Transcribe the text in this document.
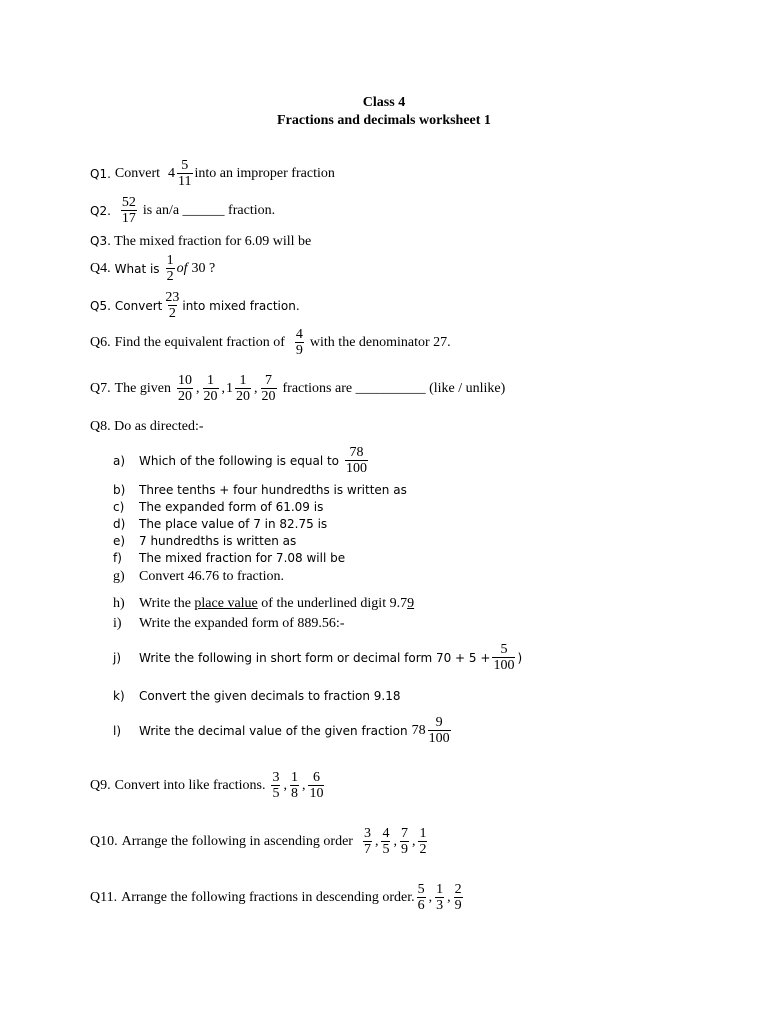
Class 4
Fractions and decimals worksheet 1
Q1. Convert $4 \frac{5}{11}$ into an improper fraction
Q2. $\frac{52}{17}$ is an/a ______ fraction.
Q3. The mixed fraction for 6.09 will be
Q4. What is $\frac{1}{2}$ of 30 ?
Q5. Convert $\frac{23}{2}$ into mixed fraction.
Q6. Find the equivalent fraction of $\frac{4}{9}$ with the denominator 27.
Q7. The given $\frac{10}{20}$ , $\frac{1}{20}$ , $1 \frac{1}{20}$ , $\frac{7}{20}$ fractions are __________ (like / unlike)
Q8. Do as directed:-
a)	Which of the following is equal to $\frac{78}{100}$
b) Three tenths + four hundredths is written as
c) The expanded form of 61.09 is
d) The place value of 7 in 82.75 is
e) 7 hundredths is written as
f) The mixed fraction for 7.08 will be
g) Convert 46.76 to fraction.
h) Write the place value of the underlined digit 9.79
i) Write the expanded form of 889.56:-
j)	Write the following in short form or decimal form $70 + 5 + \frac{5}{100}$ )
k) Convert the given decimals to fraction 9.18
l)	Write the decimal value of the given fraction $78 \frac{9}{100}$
Q9. Convert into like fractions. $\frac{3}{5}$ , $\frac{1}{8}$ , $\frac{6}{10}$
Q10. Arrange the following in ascending order $\frac{3}{7}$ , $\frac{4}{5}$ , $\frac{7}{9}$ , $\frac{1}{2}$
Q11. Arrange the following fractions in descending order. $\frac{5}{6}$ , $\frac{1}{3}$ , $\frac{2}{9}$
